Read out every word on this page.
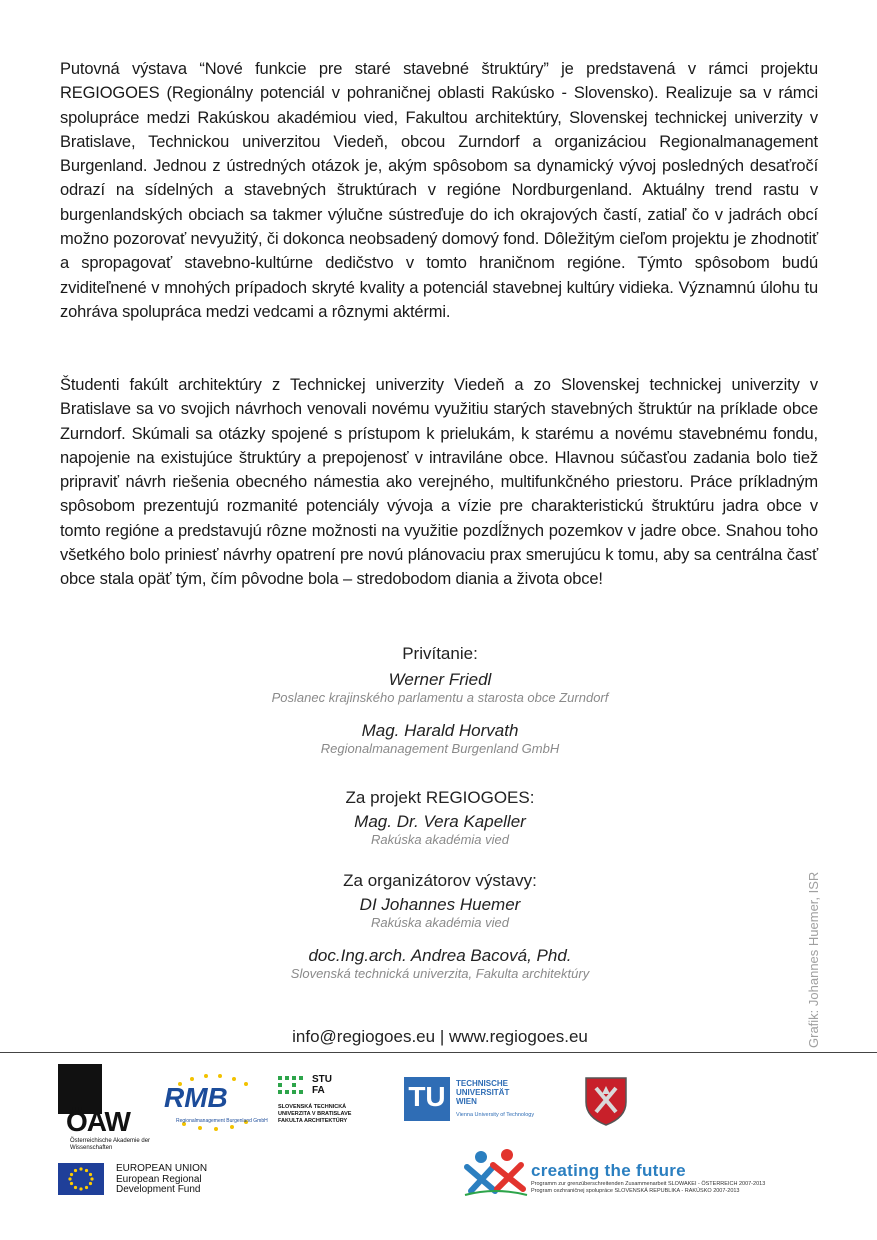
Putovná výstava “Nové funkcie pre staré stavebné štruktúry” je predstavená v rámci projektu REGIOGOES (Regionálny potenciál v pohraničnej oblasti Rakúsko - Slovensko). Realizuje sa v rámci spolupráce medzi Rakúskou akadémiou vied, Fakultou architektúry, Slovenskej technickej univerzity v Bratislave, Technickou univerzitou Viedeň, obcou Zurndorf a organizáciou Regionalmanagement Burgenland. Jednou z ústredných otázok je, akým spôsobom sa dynamický vývoj posledných desaťročí odrazí na sídelných a stavebných štruktúrach v regióne Nordburgenland. Aktuálny trend rastu v burgenlandských obciach sa takmer výlučne sústreďuje do ich okrajových častí, zatiaľ čo v jadrách obcí možno pozorovať nevyužitý, či dokonca neobsadený domový fond. Dôležitým cieľom projektu je zhodnotiť a spropagovať stavebno-kultúrne dedičstvo v tomto hraničnom regióne. Týmto spôsobom budú zviditeľnené v mnohých prípadoch skryté kvality a potenciál stavebnej kultúry vidieka. Významnú úlohu tu zohráva spolupráca medzi vedcami a rôznymi aktérmi.
Študenti fakúlt architektúry z Technickej univerzity Viedeň a zo Slovenskej technickej univerzity v Bratislave sa vo svojich návrhoch venovali novému využitiu starých stavebných štruktúr na príklade obce Zurndorf. Skúmali sa otázky spojené s prístupom k prielukám, k starému a novému stavebnému fondu, napojenie na existujúce štruktúry a prepojenosť v intraviláne obce. Hlavnou súčasťou zadania bolo tiež pripraviť návrh riešenia obecného námestia ako verejného, multifunkčného priestoru. Práce príkladným spôsobom prezentujú rozmanité potenciály vývoja a vízie pre charakteristickú štruktúru jadra obce v tomto regióne a predstavujú rôzne možnosti na využitie pozdĺžnych pozemkov v jadre obce. Snahou toho všetkého bolo priniesť návrhy opatrení pre novú plánovaciu prax smerujúcu k tomu, aby sa centrálna časť obce stala opäť tým, čím pôvodne bola – stredobodom diania a života obce!
Privítanie:
Werner Friedl
Poslanec krajinského parlamentu a starosta obce Zurndorf
Mag. Harald Horvath
Regionalmanagement Burgenland GmbH
Za projekt REGIOGOES:
Mag. Dr. Vera Kapeller
Rakúska akadémia vied
Za organizátorov výstavy:
DI Johannes Huemer
Rakúska akadémia vied
doc.Ing.arch. Andrea Bacová, Phd.
Slovenská technická univerzita, Fakulta architektúry
info@regiogoes.eu | www.regiogoes.eu	Grafik: Johannes Huemer, ISR
ÖAW
Österreichische Akademie der Wissenschaften
RMB
Regionalmanagement Burgenland GmbH
STU
FA
SLOVENSKÁ TECHNICKÁ
UNIVERZITA V BRATISLAVE
FAKULTA ARCHITEKTÚRY
TU	TECHNISCHE
UNIVERSITÄT
WIEN
Vienna University of Technology
EUROPEAN UNION
European Regional
Development Fund
creating the future
Programm zur grenzüberschreitenden Zusammenarbeit SLOWAKEI - ÖSTERREICH 2007-2013
Program cezhraničnej spolupráce SLOVENSKÁ REPUBLIKA - RAKÚSKO 2007-2013
